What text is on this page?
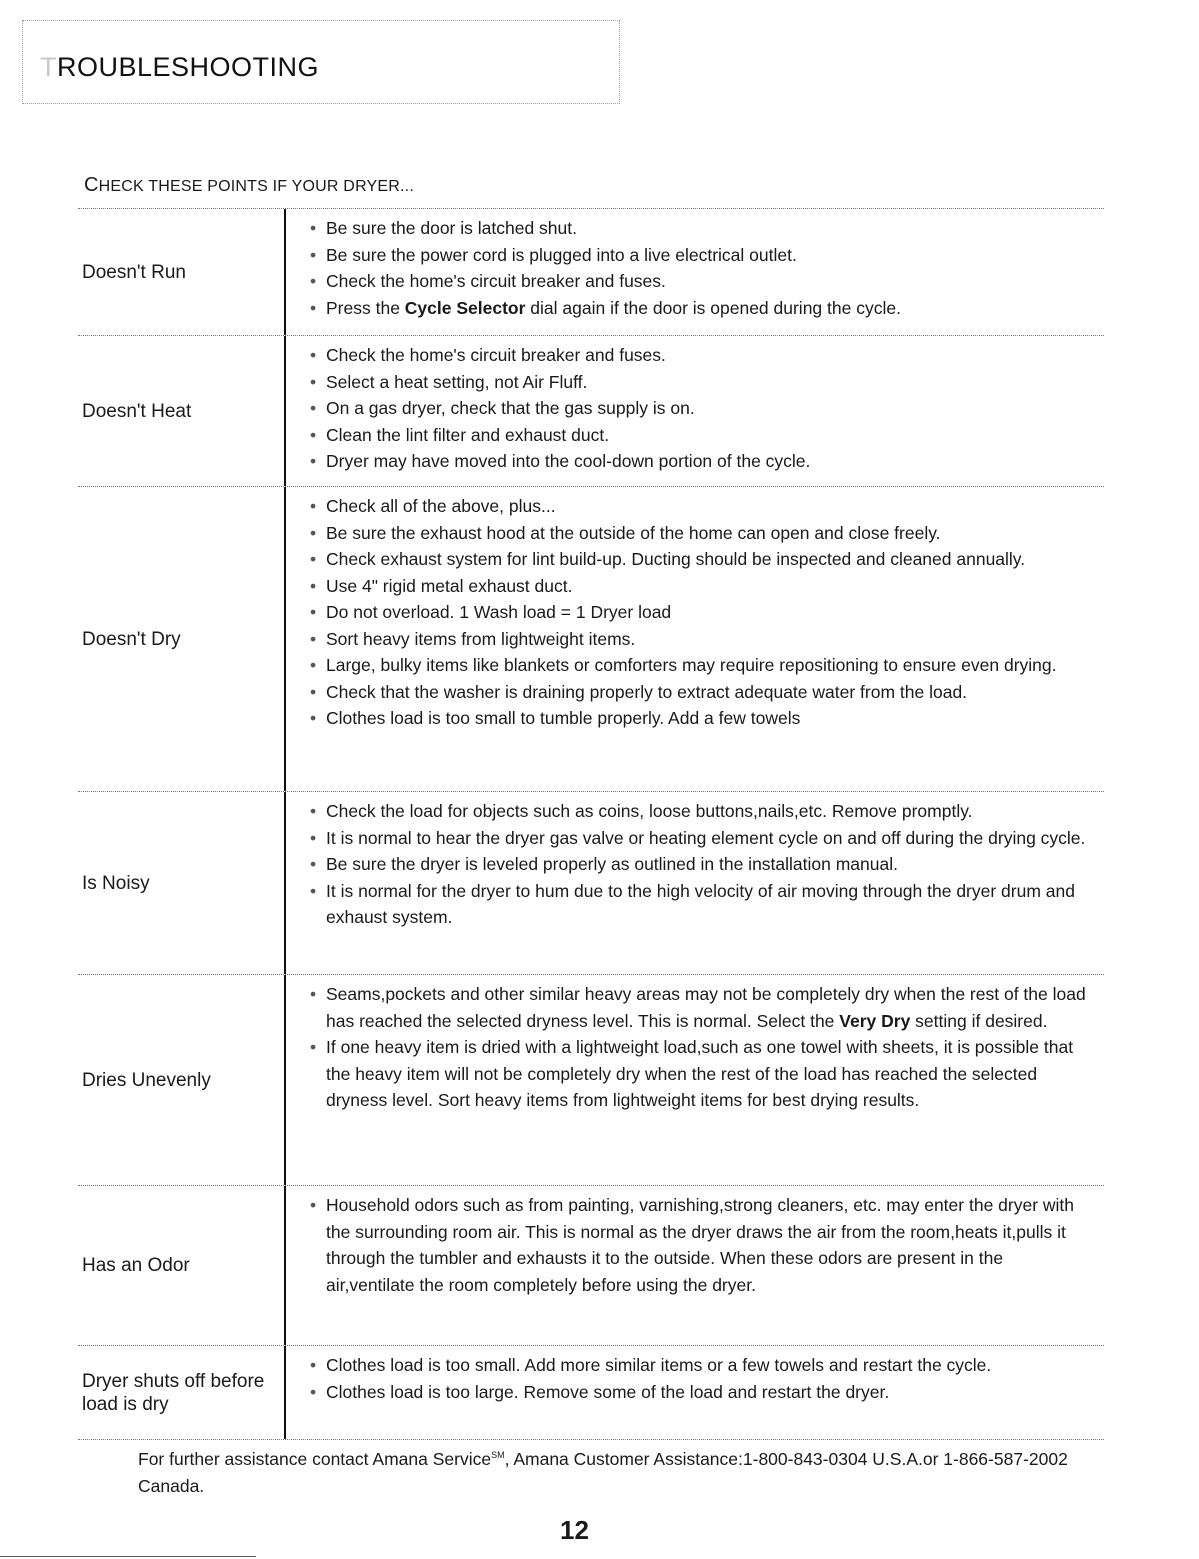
TROUBLESHOOTING
CHECK THESE POINTS IF YOUR DRYER...
Doesn't Run
• Be sure the door is latched shut.
• Be sure the power cord is plugged into a live electrical outlet.
• Check the home's circuit breaker and fuses.
• Press the Cycle Selector dial again if the door is opened during the cycle.
Doesn't Heat
• Check the home's circuit breaker and fuses.
• Select a heat setting, not Air Fluff.
• On a gas dryer, check that the gas supply is on.
• Clean the lint filter and exhaust duct.
• Dryer may have moved into the cool-down portion of the cycle.
Doesn't Dry
• Check all of the above, plus...
• Be sure the exhaust hood at the outside of the home can open and close freely.
• Check exhaust system for lint build-up. Ducting should be inspected and cleaned annually.
• Use 4" rigid metal exhaust duct.
• Do not overload. 1 Wash load = 1 Dryer load
• Sort heavy items from lightweight items.
• Large, bulky items like blankets or comforters may require repositioning to ensure even drying.
• Check that the washer is draining properly to extract adequate water from the load.
• Clothes load is too small to tumble properly. Add a few towels
Is Noisy
• Check the load for objects such as coins, loose buttons,nails,etc. Remove promptly.
• It is normal to hear the dryer gas valve or heating element cycle on and off during the drying cycle.
• Be sure the dryer is leveled properly as outlined in the installation manual.
• It is normal for the dryer to hum due to the high velocity of air moving through the dryer drum and exhaust system.
Dries Unevenly
• Seams,pockets and other similar heavy areas may not be completely dry when the rest of the load has reached the selected dryness level. This is normal. Select the Very Dry setting if desired.
• If one heavy item is dried with a lightweight load,such as one towel with sheets, it is possible that the heavy item will not be completely dry when the rest of the load has reached the selected dryness level. Sort heavy items from lightweight items for best drying results.
Has an Odor
• Household odors such as from painting, varnishing,strong cleaners, etc. may enter the dryer with the surrounding room air. This is normal as the dryer draws the air from the room,heats it,pulls it through the tumbler and exhausts it to the outside. When these odors are present in the air,ventilate the room completely before using the dryer.
Dryer shuts off before load is dry
• Clothes load is too small. Add more similar items or a few towels and restart the cycle.
• Clothes load is too large. Remove some of the load and restart the dryer.
For further assistance contact Amana Service℠, Amana Customer Assistance:1-800-843-0304 U.S.A.or 1-866-587-2002 Canada.
12
